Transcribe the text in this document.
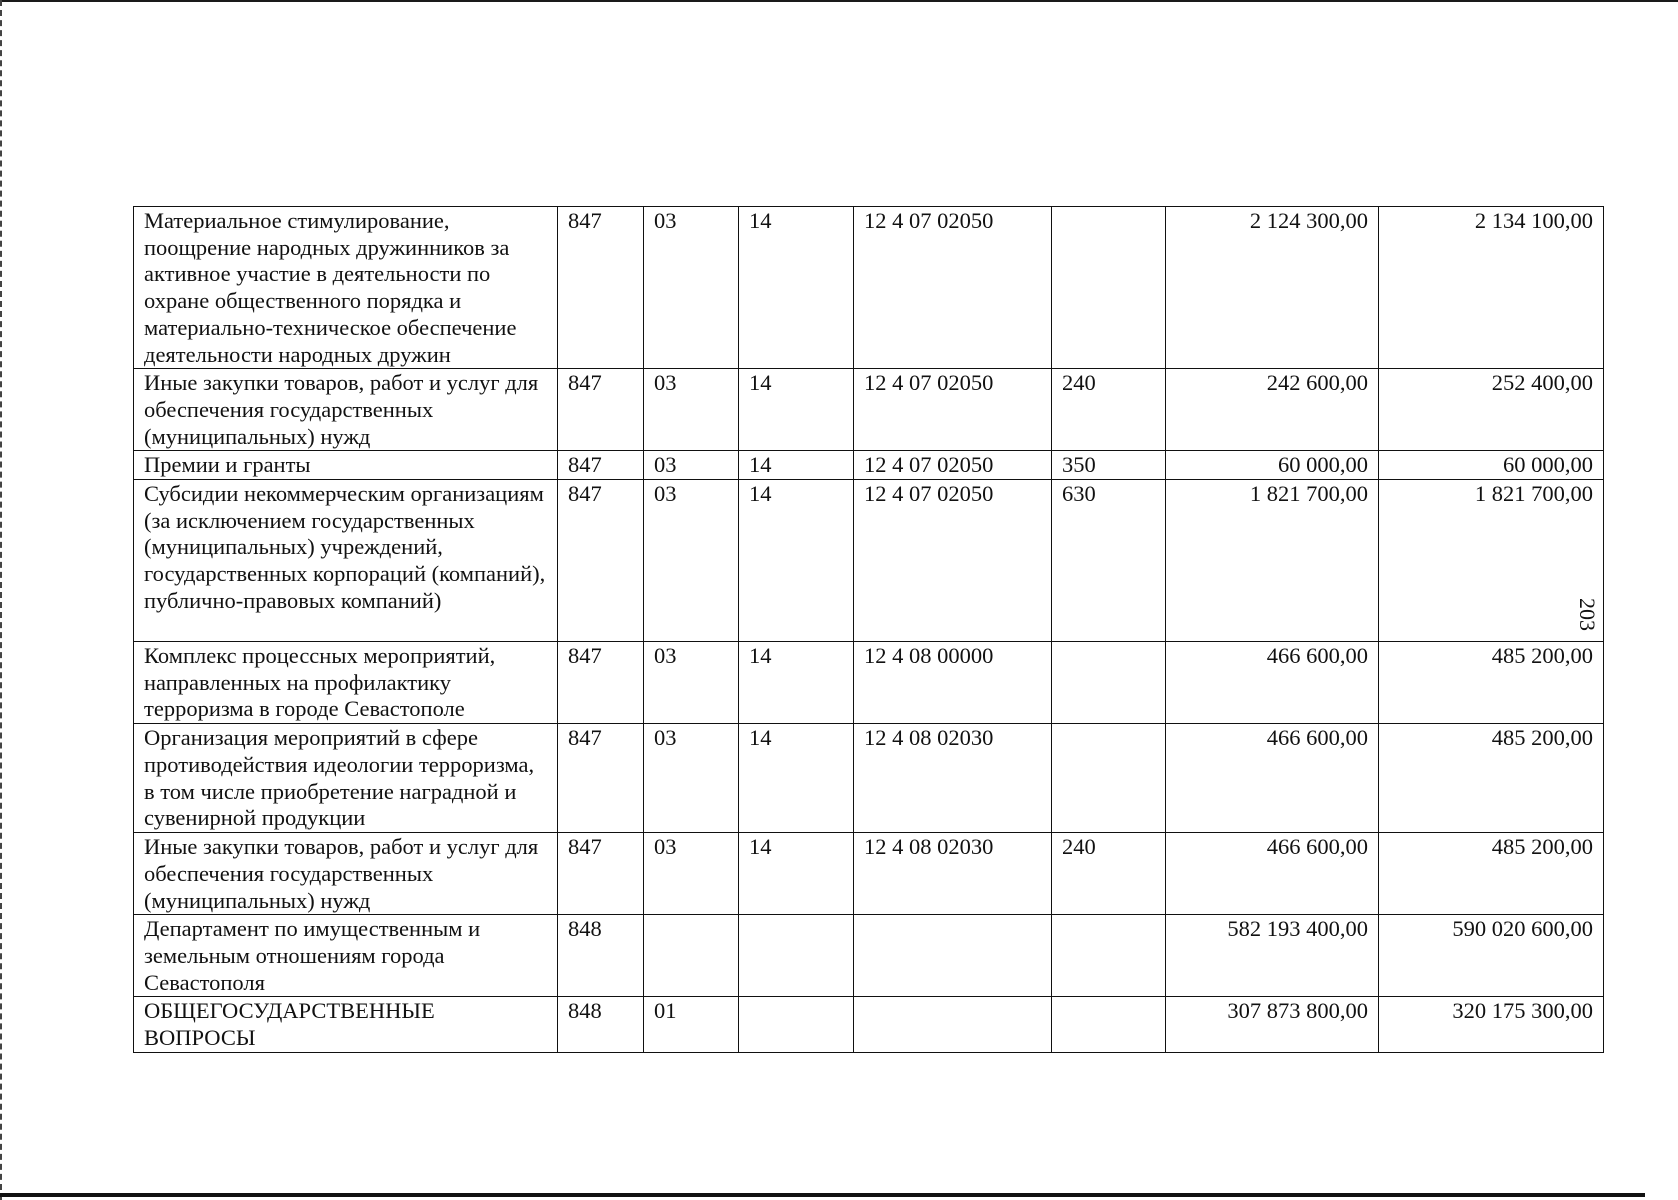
203
Материальное стимулирование, поощрение народных дружинников за активное участие в деятельности по охране общественного порядка и материально-техническое обеспечение деятельности народных дружин	847	03	14	12 4 07 02050		2 124 300,00	2 134 100,00
Иные закупки товаров, работ и услуг для обеспечения государственных (муниципальных) нужд	847	03	14	12 4 07 02050	240	242 600,00	252 400,00
Премии и гранты	847	03	14	12 4 07 02050	350	60 000,00	60 000,00
Субсидии некоммерческим организациям (за исключением государственных (муниципальных) учреждений, государственных корпораций (компаний), публично-правовых компаний)	847	03	14	12 4 07 02050	630	1 821 700,00	1 821 700,00
Комплекс процессных мероприятий, направленных на профилактику терроризма в городе Севастополе	847	03	14	12 4 08 00000		466 600,00	485 200,00
Организация мероприятий в сфере противодействия идеологии терроризма, в том числе приобретение наградной и сувенирной продукции	847	03	14	12 4 08 02030		466 600,00	485 200,00
Иные закупки товаров, работ и услуг для обеспечения государственных (муниципальных) нужд	847	03	14	12 4 08 02030	240	466 600,00	485 200,00
Департамент по имущественным и земельным отношениям города Севастополя	848					582 193 400,00	590 020 600,00
ОБЩЕГОСУДАРСТВЕННЫЕ ВОПРОСЫ	848	01				307 873 800,00	320 175 300,00
